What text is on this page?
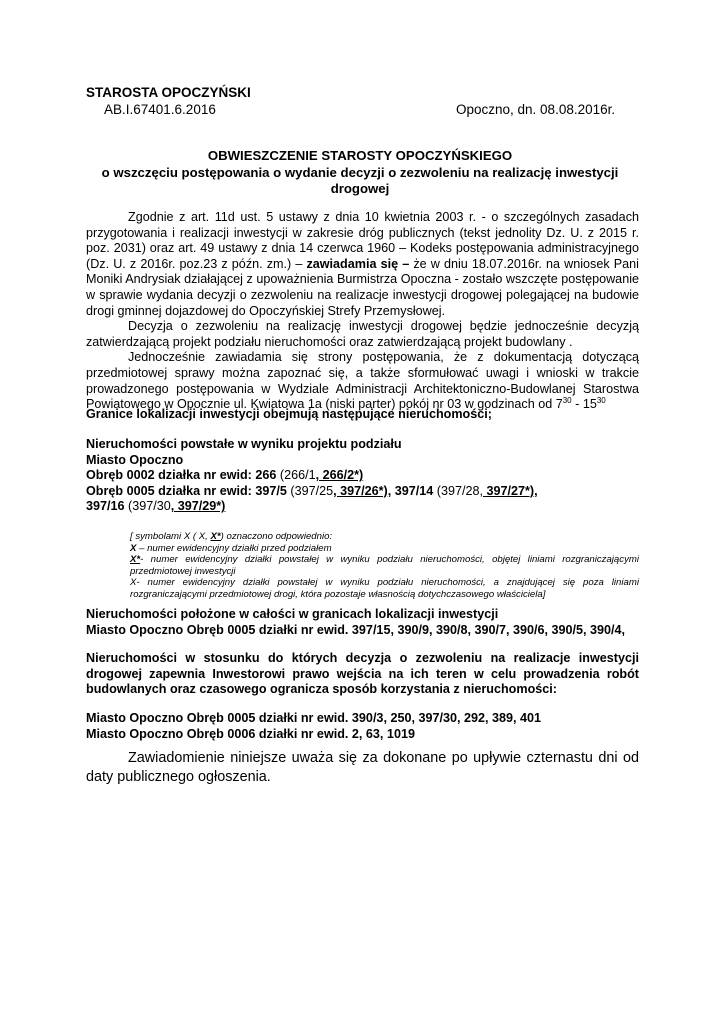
STAROSTA OPOCZYŃSKI
AB.I.67401.6.2016	Opoczno, dn. 08.08.2016r.
OBWIESZCZENIE STAROSTY OPOCZYŃSKIEGO
o wszczęciu postępowania o wydanie decyzji o zezwoleniu na realizację inwestycji
drogowej

Zgodnie z art. 11d ust. 5 ustawy z dnia 10 kwietnia 2003 r. - o szczególnych zasadach przygotowania i realizacji inwestycji w zakresie dróg publicznych (tekst jednolity Dz. U. z 2015 r. poz. 2031) oraz art. 49 ustawy z dnia 14 czerwca 1960 – Kodeks postępowania administracyjnego (Dz. U. z 2016r. poz.23 z późn. zm.) – zawiadamia się – że w dniu 18.07.2016r. na wniosek Pani Moniki Andrysiak działającej z upoważnienia Burmistrza Opoczna - zostało wszczęte postępowanie w sprawie wydania decyzji o zezwoleniu na realizacje inwestycji drogowej polegającej na budowie drogi gminnej dojazdowej do Opoczyńskiej Strefy Przemysłowej.

Decyzja o zezwoleniu na realizację inwestycji drogowej będzie jednocześnie decyzją zatwierdzającą projekt podziału nieruchomości oraz zatwierdzającą projekt budowlany .

Jednocześnie zawiadamia się strony postępowania, że z dokumentacją dotyczącą przedmiotowej sprawy można zapoznać się, a także sformułować uwagi i wnioski w trakcie prowadzonego postępowania w Wydziale Administracji Architektoniczno-Budowlanej Starostwa Powiatowego w Opocznie ul. Kwiatowa 1a (niski parter) pokój nr 03 w godzinach od $7^{30} - 15^{30}$

Granice lokalizacji inwestycji obejmują następujące nieruchomości;
Nieruchomości powstałe w wyniku projektu podziału
Miasto Opoczno
Obręb 0002 działka nr ewid: 266 (266/1, 266/2*)
Obręb 0005 działka nr ewid: 397/5 (397/25, 397/26*), 397/14 (397/28, 397/27*),
397/16 (397/30, 397/29*)
[ symbolami X ( X, X*) oznaczono odpowiednio:
X – numer ewidencyjny działki przed podziałem
X*- numer ewidencyjny działki powstałej w wyniku podziału nieruchomości, objętej liniami rozgraniczającymi przedmiotowej inwestycji
X- numer ewidencyjny działki powstałej w wyniku podziału nieruchomości, a znajdującej się poza liniami rozgraniczającymi przedmiotowej drogi, która pozostaje własnością dotychczasowego właściciela]
Nieruchomości położone w całości w granicach lokalizacji inwestycji
Miasto Opoczno Obręb 0005 działki nr ewid. 397/15, 390/9, 390/8, 390/7, 390/6, 390/5, 390/4,
Nieruchomości w stosunku do których decyzja o zezwoleniu na realizacje inwestycji drogowej zapewnia Inwestorowi prawo wejścia na ich teren w celu prowadzenia robót budowlanych oraz czasowego ogranicza sposób korzystania z nieruchomości:
Miasto Opoczno Obręb 0005 działki nr ewid. 390/3, 250, 397/30, 292, 389, 401
Miasto Opoczno Obręb 0006 działki nr ewid. 2, 63, 1019
Zawiadomienie niniejsze uważa się za dokonane po upływie czternastu dni od daty publicznego ogłoszenia.
